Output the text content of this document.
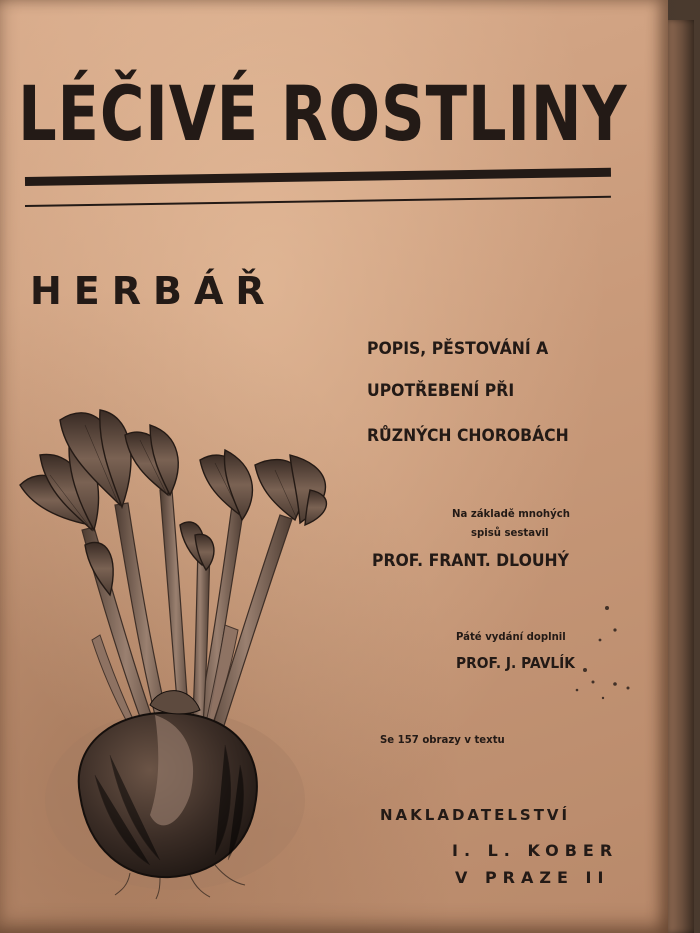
LÉČIVÉ ROSTLINY
HERBÁŘ
POPIS, PĚSTOVÁNÍ A
UPOTŘEBENÍ PŘI
RŮZNÝCH CHOROBÁCH
Na základě mnohých
spisů sestavil
PROF. FRANT. DLOUHÝ
Páté vydání doplnil
PROF. J. PAVLÍK
Se 157 obrazy v textu
NAKLADATELSTVÍ
I. L. KOBER
V PRAZE II
